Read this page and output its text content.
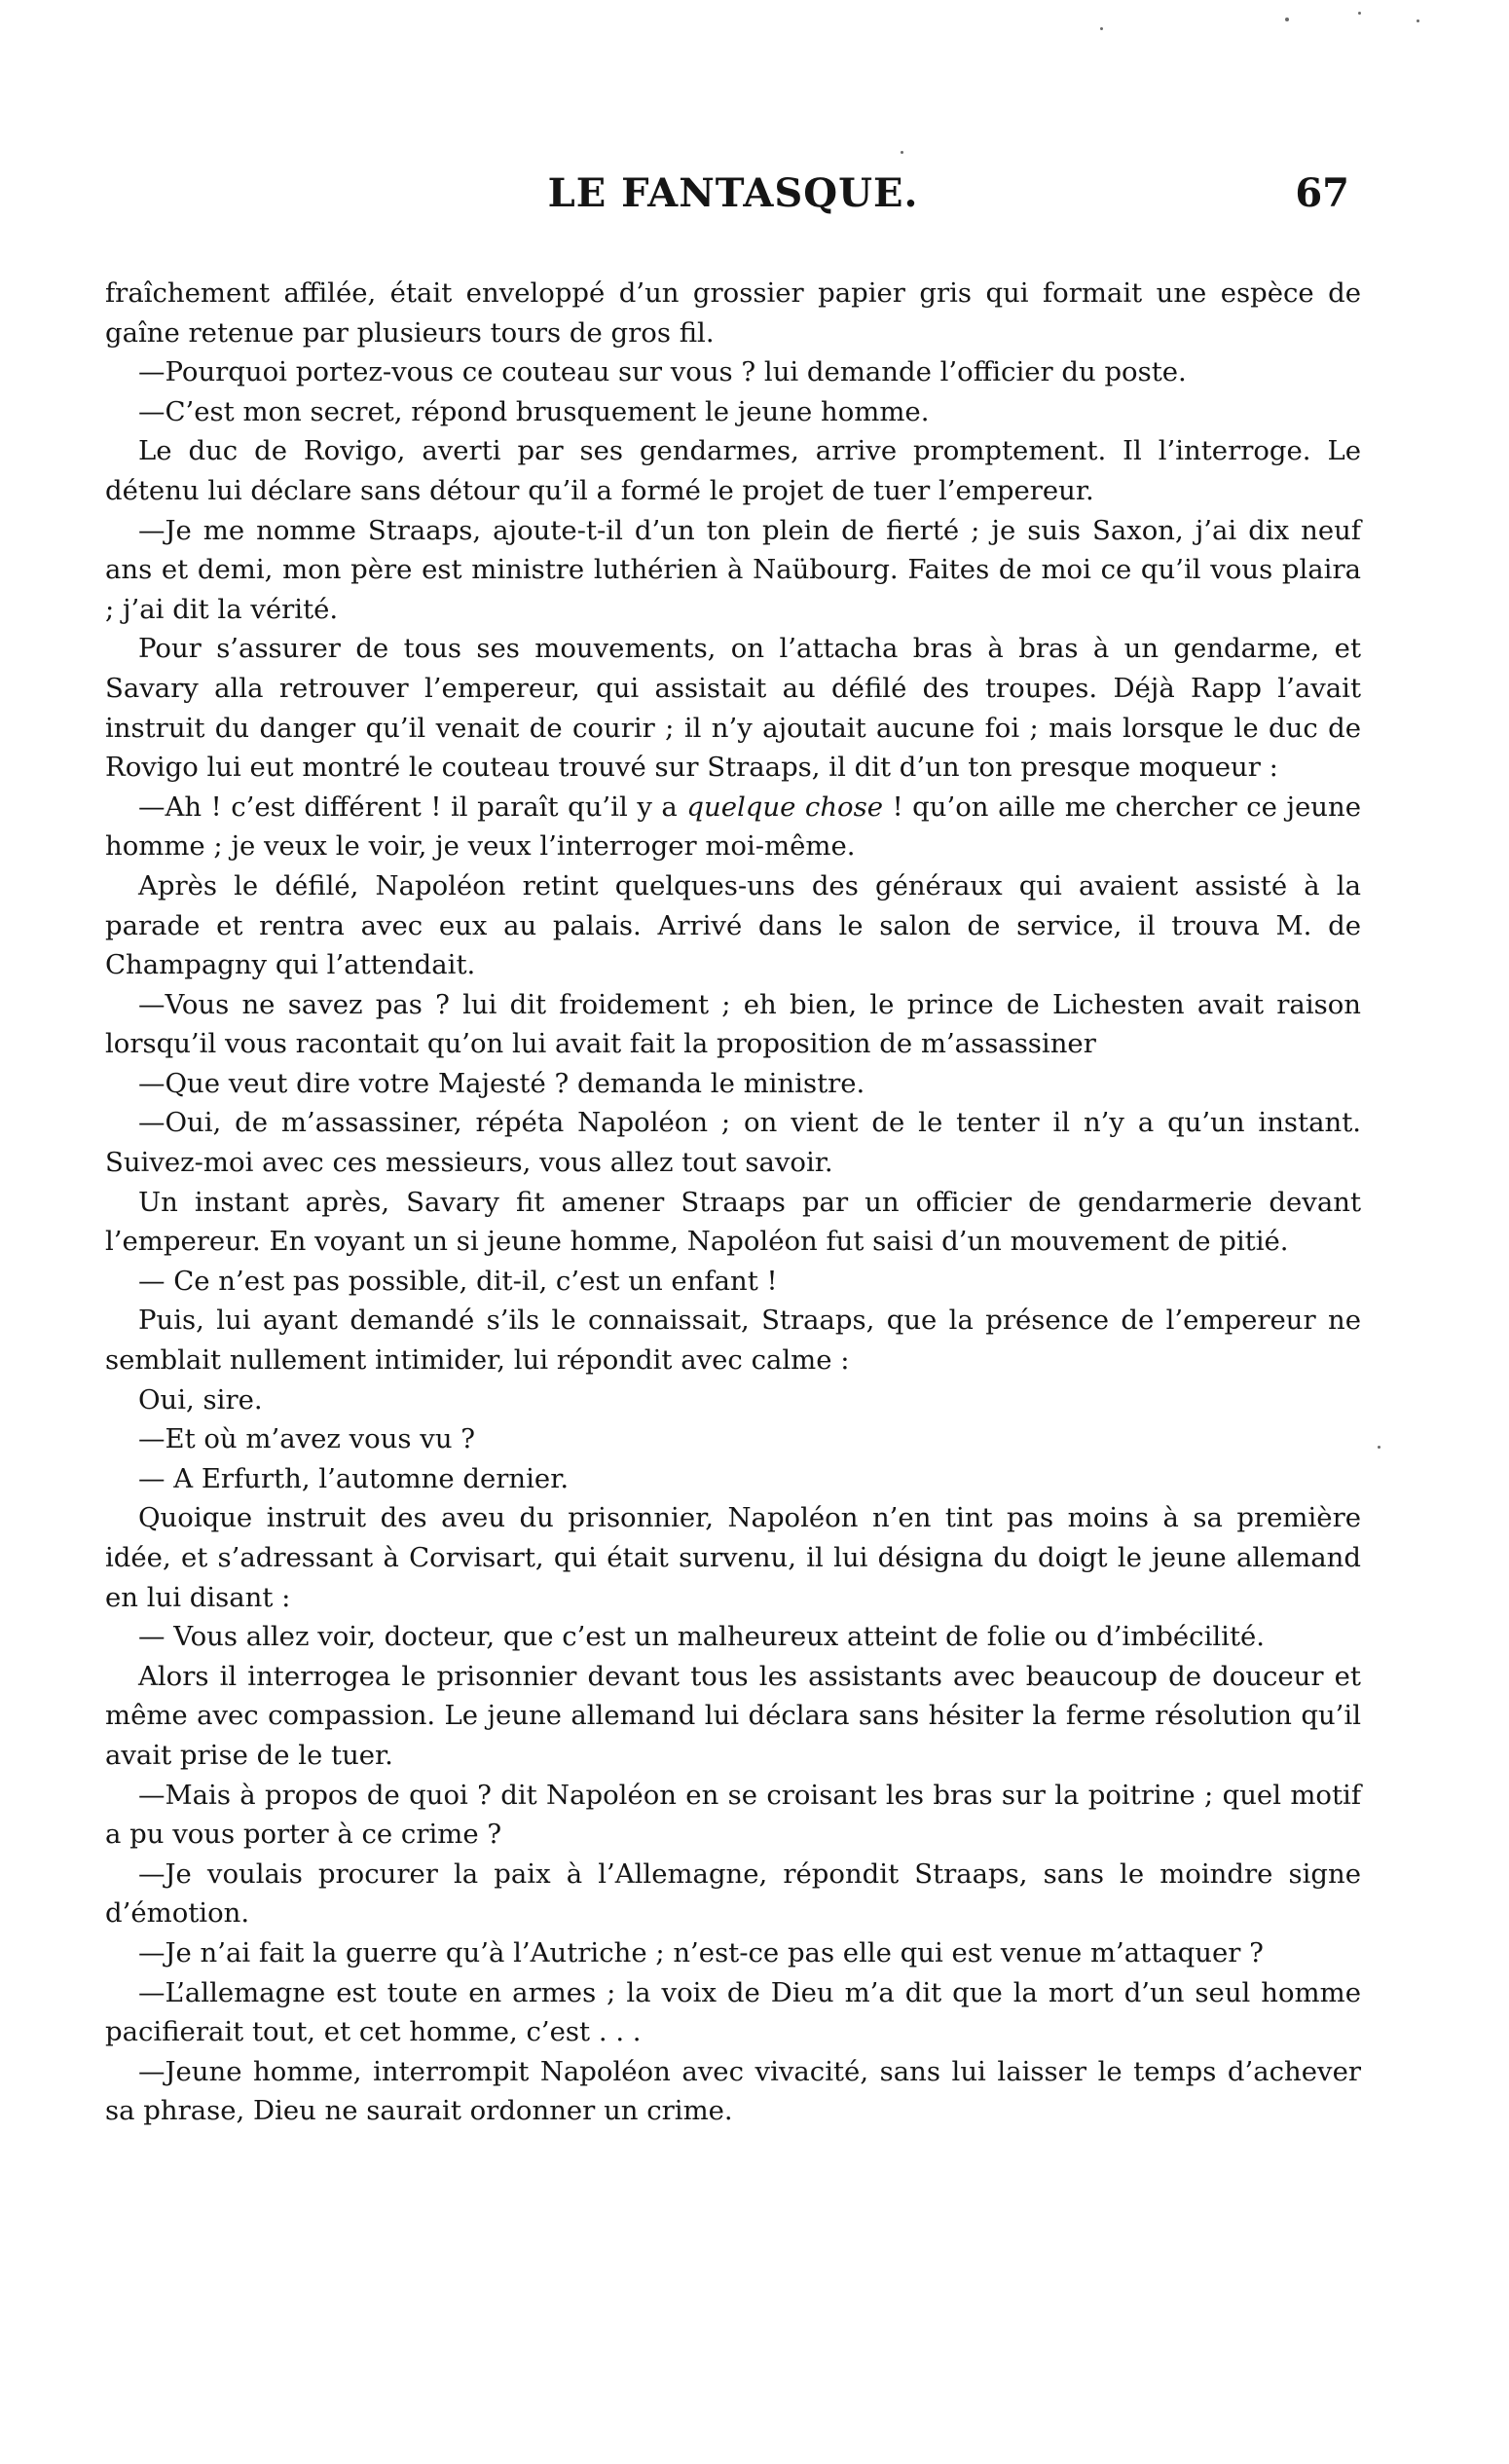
LE FANTASQUE.	67

fraîchement affilée, était enveloppé d’un grossier papier gris qui formait une espèce de gaîne retenue par plusieurs tours de gros fil.

—Pourquoi portez-vous ce couteau sur vous ? lui demande l’officier du poste.

—C’est mon secret, répond brusquement le jeune homme.

Le duc de Rovigo, averti par ses gendarmes, arrive promptement. Il l’interroge. Le détenu lui déclare sans détour qu’il a formé le projet de tuer l’empereur.

—Je me nomme Straaps, ajoute-t-il d’un ton plein de fierté ; je suis Saxon, j’ai dix neuf ans et demi, mon père est ministre luthérien à Naübourg. Faites de moi ce qu’il vous plaira ; j’ai dit la vérité.

Pour s’assurer de tous ses mouvements, on l’attacha bras à bras à un gendarme, et Savary alla retrouver l’empereur, qui assistait au défilé des troupes. Déjà Rapp l’avait instruit du danger qu’il venait de courir ; il n’y ajoutait aucune foi ; mais lorsque le duc de Rovigo lui eut montré le couteau trouvé sur Straaps, il dit d’un ton presque moqueur :

—Ah ! c’est différent ! il paraît qu’il y a quelque chose ! qu’on aille me chercher ce jeune homme ; je veux le voir, je veux l’interroger moi-même.

Après le défilé, Napoléon retint quelques-uns des généraux qui avaient assisté à la parade et rentra avec eux au palais. Arrivé dans le salon de service, il trouva M. de Champagny qui l’attendait.

—Vous ne savez pas ? lui dit froidement ; eh bien, le prince de Lichesten avait raison lorsqu’il vous racontait qu’on lui avait fait la proposition de m’assassiner

—Que veut dire votre Majesté ? demanda le ministre.

—Oui, de m’assassiner, répéta Napoléon ; on vient de le tenter il n’y a qu’un instant. Suivez-moi avec ces messieurs, vous allez tout savoir.

Un instant après, Savary fit amener Straaps par un officier de gendarmerie devant l’empereur. En voyant un si jeune homme, Napoléon fut saisi d’un mouvement de pitié.

— Ce n’est pas possible, dit-il, c’est un enfant !

Puis, lui ayant demandé s’ils le connaissait, Straaps, que la présence de l’empereur ne semblait nullement intimider, lui répondit avec calme :

Oui, sire.

—Et où m’avez vous vu ?

— A Erfurth, l’automne dernier.

Quoique instruit des aveu du prisonnier, Napoléon n’en tint pas moins à sa première idée, et s’adressant à Corvisart, qui était survenu, il lui désigna du doigt le jeune allemand en lui disant :

— Vous allez voir, docteur, que c’est un malheureux atteint de folie ou d’imbécilité.

Alors il interrogea le prisonnier devant tous les assistants avec beaucoup de douceur et même avec compassion. Le jeune allemand lui déclara sans hésiter la ferme résolution qu’il avait prise de le tuer.

—Mais à propos de quoi ? dit Napoléon en se croisant les bras sur la poitrine ; quel motif a pu vous porter à ce crime ?

—Je voulais procurer la paix à l’Allemagne, répondit Straaps, sans le moindre signe d’émotion.

—Je n’ai fait la guerre qu’à l’Autriche ; n’est-ce pas elle qui est venue m’attaquer ?

—L’allemagne est toute en armes ; la voix de Dieu m’a dit que la mort d’un seul homme pacifierait tout, et cet homme, c’est . . .

—Jeune homme, interrompit Napoléon avec vivacité, sans lui laisser le temps d’achever sa phrase, Dieu ne saurait ordonner un crime.
